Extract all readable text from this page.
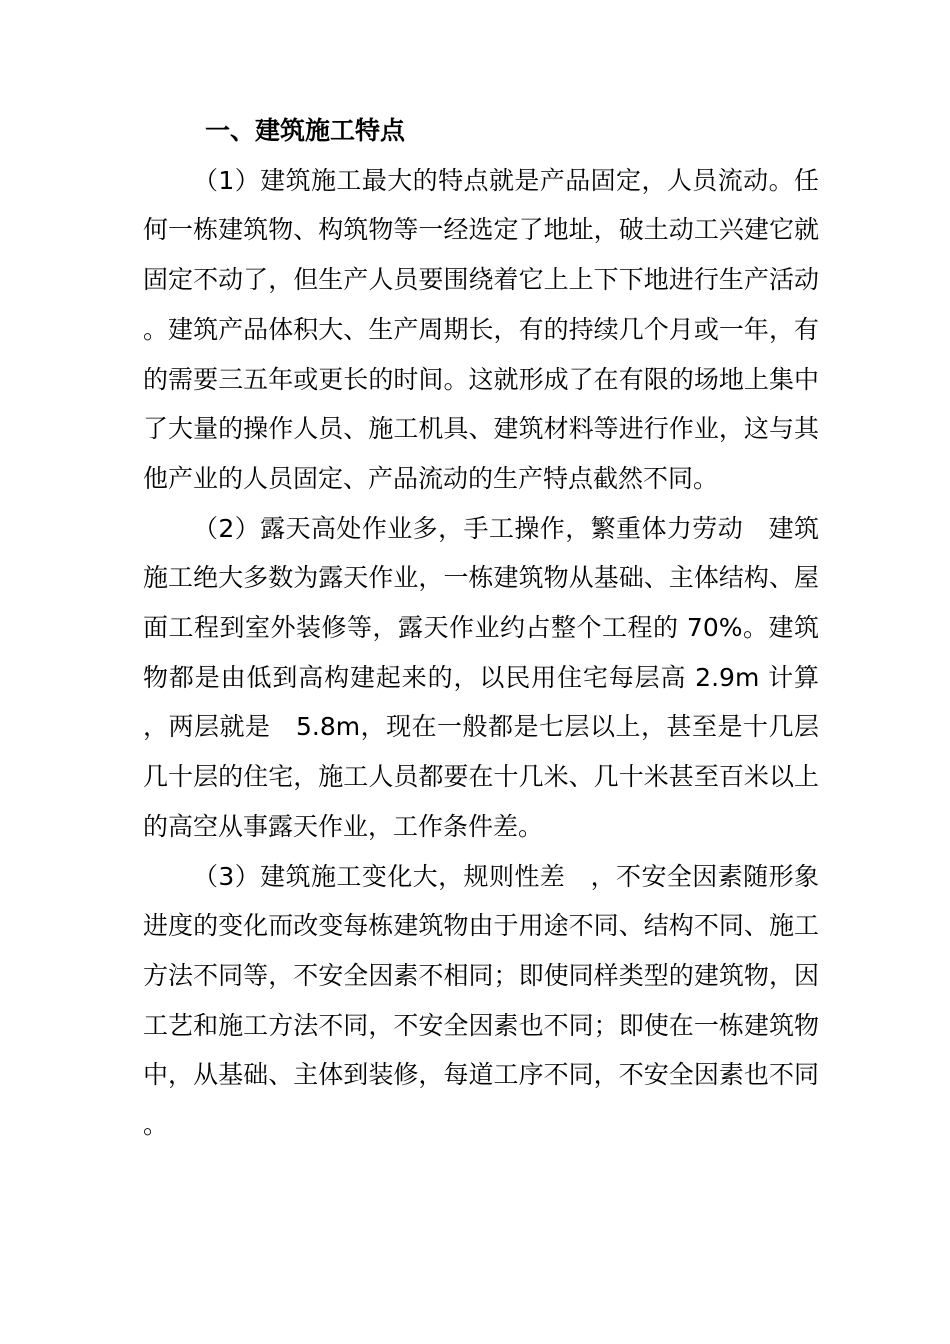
一、建筑施工特点

（1）建筑施工最大的特点就是产品固定，人员流动。任何一栋建筑物、构筑物等一经选定了地址，破土动工兴建它就固定不动了，但生产人员要围绕着它上上下下地进行生产活动。建筑产品体积大、生产周期长，有的持续几个月或一年，有的需要三五年或更长的时间。这就形成了在有限的场地上集中了大量的操作人员、施工机具、建筑材料等进行作业，这与其他产业的人员固定、产品流动的生产特点截然不同。

（2）露天高处作业多，手工操作，繁重体力劳动　建筑施工绝大多数为露天作业，一栋建筑物从基础、主体结构、屋面工程到室外装修等，露天作业约占整个工程的 70%。建筑物都是由低到高构建起来的，以民用住宅每层高 2.9m 计算，两层就是　5.8m，现在一般都是七层以上，甚至是十几层几十层的住宅，施工人员都要在十几米、几十米甚至百米以上的高空从事露天作业，工作条件差。

（3）建筑施工变化大，规则性差　，不安全因素随形象进度的变化而改变每栋建筑物由于用途不同、结构不同、施工方法不同等，不安全因素不相同；即使同样类型的建筑物，因工艺和施工方法不同，不安全因素也不同；即使在一栋建筑物中，从基础、主体到装修，每道工序不同，不安全因素也不同。
